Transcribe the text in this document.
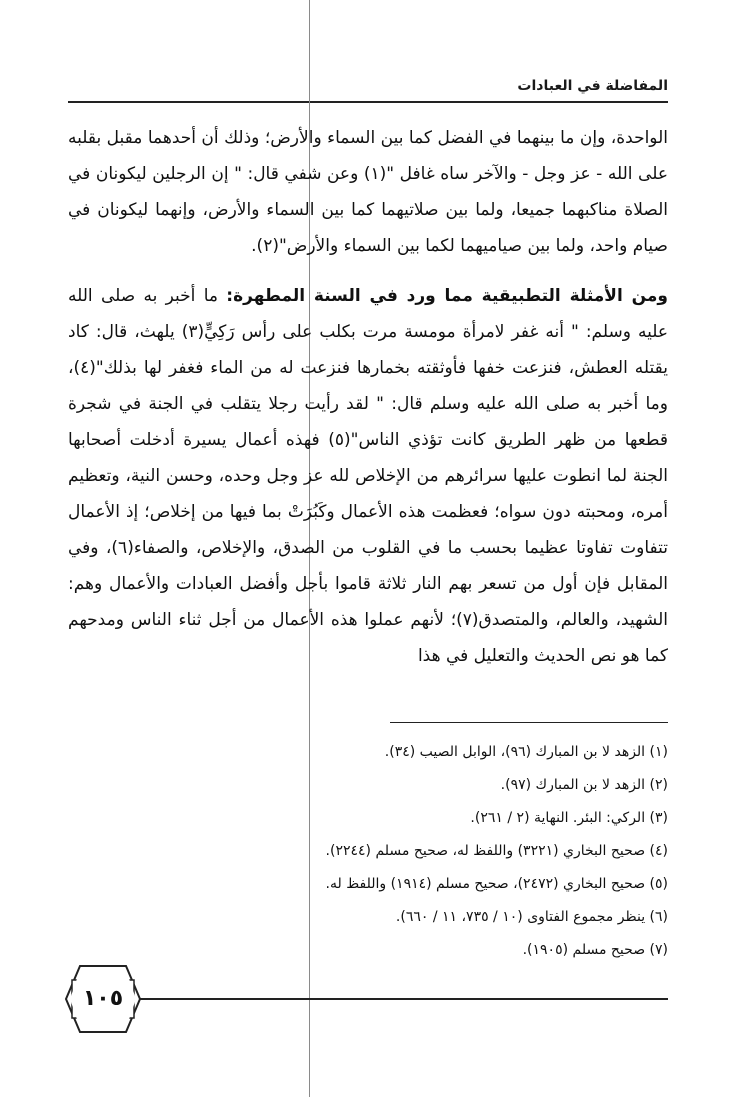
المفاضلة في العبادات

الواحدة، وإن ما بينهما في الفضل كما بين السماء والأرض؛ وذلك أن أحدهما مقبل بقلبه على الله - عز وجل - والآخر ساه غافل "(١) وعن شفي قال: " إن الرجلين ليكونان في الصلاة مناكبهما جميعا، ولما بين صلاتيهما كما بين السماء والأرض، وإنهما ليكونان في صيام واحد، ولما بين صياميهما لكما بين السماء والأرض"(٢).

ومن الأمثلة التطبيقية مما ورد في السنة المطهرة: ما أخبر به صلى الله عليه وسلم: " أنه غفر لامرأة مومسة مرت بكلب على رأس رَكِيٍّ(٣) يلهث، قال: كاد يقتله العطش، فنزعت خفها فأوثقته بخمارها فنزعت له من الماء فغفر لها بذلك"(٤)، وما أخبر به صلى الله عليه وسلم قال: " لقد رأيت رجلا يتقلب في الجنة في شجرة قطعها من ظهر الطريق كانت تؤذي الناس"(٥) فهذه أعمال يسيرة أدخلت أصحابها الجنة لما انطوت عليها سرائرهم من الإخلاص لله عز وجل وحده، وحسن النية، وتعظيم أمره، ومحبته دون سواه؛ فعظمت هذه الأعمال وكَبُرَتْ بما فيها من إخلاص؛ إذ الأعمال تتفاوت تفاوتا عظيما بحسب ما في القلوب من الصدق، والإخلاص، والصفاء(٦)، وفي المقابل فإن أول من تسعر بهم النار ثلاثة قاموا بأجل وأفضل العبادات والأعمال وهم: الشهيد، والعالم، والمتصدق(٧)؛ لأنهم عملوا هذه الأعمال من أجل ثناء الناس ومدحهم كما هو نص الحديث والتعليل في هذا

(١) الزهد لا بن المبارك (٩٦)، الوابل الصيب (٣٤).
(٢) الزهد لا بن المبارك (٩٧).
(٣) الركي: البئر. النهاية (٢ / ٢٦١).
(٤) صحيح البخاري (٣٢٢١) واللفظ له، صحيح مسلم (٢٢٤٤).
(٥) صحيح البخاري (٢٤٧٢)، صحيح مسلم (١٩١٤) واللفظ له.
(٦) ينظر مجموع الفتاوى (١٠ / ٧٣٥، ١١ / ٦٦٠).
(٧) صحيح مسلم (١٩٠٥).
١٠٥
